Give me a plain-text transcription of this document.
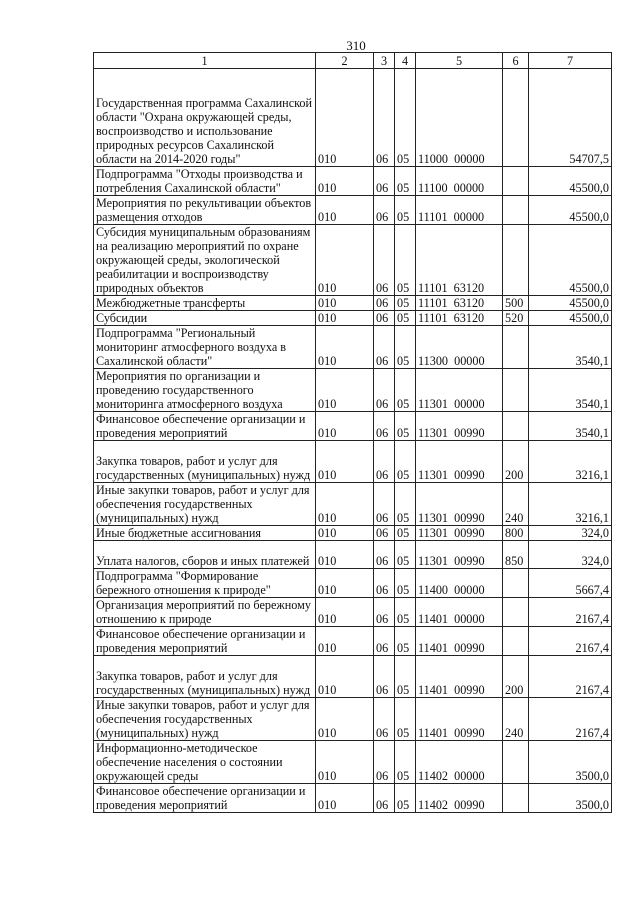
310
1	2	3	4	5	6	7
Государственная программа Сахалинской области "Охрана окружающей среды, воспроизводство и использование природных ресурсов Сахалинской области на 2014-2020 годы"	010	06	05	11000  00000		54707,5
Подпрограмма "Отходы производства и потребления Сахалинской области"	010	06	05	11100  00000		45500,0
Мероприятия по рекультивации объектов размещения отходов	010	06	05	11101  00000		45500,0
Субсидия муниципальным образованиям на реализацию мероприятий по охране окружающей среды, экологической реабилитации и воспроизводству природных объектов	010	06	05	11101  63120		45500,0
Межбюджетные трансферты	010	06	05	11101  63120	500	45500,0
Субсидии	010	06	05	11101  63120	520	45500,0
Подпрограмма "Региональный мониторинг атмосферного воздуха в Сахалинской области"	010	06	05	11300  00000		3540,1
Мероприятия по организации и проведению государственного мониторинга атмосферного воздуха	010	06	05	11301  00000		3540,1
Финансовое обеспечение организации и проведения мероприятий	010	06	05	11301  00990		3540,1
Закупка товаров, работ и услуг для государственных (муниципальных) нужд	010	06	05	11301  00990	200	3216,1
Иные закупки товаров, работ и услуг для обеспечения государственных (муниципальных) нужд	010	06	05	11301  00990	240	3216,1
Иные бюджетные ассигнования	010	06	05	11301  00990	800	324,0
Уплата налогов, сборов и иных платежей	010	06	05	11301  00990	850	324,0
Подпрограмма "Формирование бережного отношения к природе"	010	06	05	11400  00000		5667,4
Организация мероприятий по бережному отношению к природе	010	06	05	11401  00000		2167,4
Финансовое обеспечение организации и проведения мероприятий	010	06	05	11401  00990		2167,4
Закупка товаров, работ и услуг для государственных (муниципальных) нужд	010	06	05	11401  00990	200	2167,4
Иные закупки товаров, работ и услуг для обеспечения государственных (муниципальных) нужд	010	06	05	11401  00990	240	2167,4
Информационно-методическое обеспечение населения о состоянии окружающей среды	010	06	05	11402  00000		3500,0
Финансовое обеспечение организации и проведения мероприятий	010	06	05	11402  00990		3500,0
